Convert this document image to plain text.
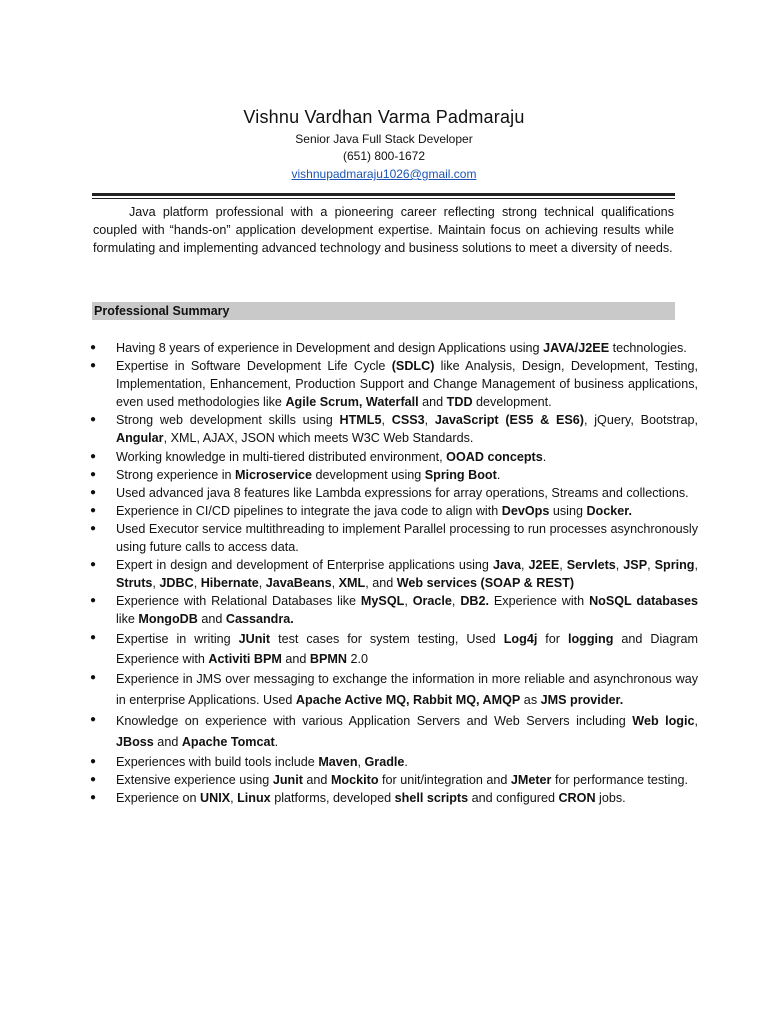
Vishnu Vardhan Varma Padmaraju
Senior Java Full Stack Developer
(651) 800-1672
vishnupadmaraju1026@gmail.com

Java platform professional with a pioneering career reflecting strong technical qualifications coupled with “hands-on” application development expertise. Maintain focus on achieving results while formulating and implementing advanced technology and business solutions to meet a diversity of needs.

Professional Summary
● Having 8 years of experience in Development and design Applications using JAVA/J2EE technologies.
● Expertise in Software Development Life Cycle (SDLC) like Analysis, Design, Development, Testing, Implementation, Enhancement, Production Support and Change Management of business applications, even used methodologies like Agile Scrum, Waterfall and TDD development.
● Strong web development skills using HTML5, CSS3, JavaScript (ES5 & ES6), jQuery, Bootstrap, Angular, XML, AJAX, JSON which meets W3C Web Standards.
● Working knowledge in multi-tiered distributed environment, OOAD concepts.
● Strong experience in Microservice development using Spring Boot.
● Used advanced java 8 features like Lambda expressions for array operations, Streams and collections.
● Experience in CI/CD pipelines to integrate the java code to align with DevOps using Docker.
● Used Executor service multithreading to implement Parallel processing to run processes asynchronously using future calls to access data.
● Expert in design and development of Enterprise applications using Java, J2EE, Servlets, JSP, Spring, Struts, JDBC, Hibernate, JavaBeans, XML, and Web services (SOAP & REST)
● Experience with Relational Databases like MySQL, Oracle, DB2. Experience with NoSQL databases like MongoDB and Cassandra.
● Expertise in writing JUnit test cases for system testing, Used Log4j for logging and Diagram Experience with Activiti BPM and BPMN 2.0
● Experience in JMS over messaging to exchange the information in more reliable and asynchronous way in enterprise Applications. Used Apache Active MQ, Rabbit MQ, AMQP as JMS provider.
● Knowledge on experience with various Application Servers and Web Servers including Web logic, JBoss and Apache Tomcat.
● Experiences with build tools include Maven, Gradle.
● Extensive experience using Junit and Mockito for unit/integration and JMeter for performance testing.
● Experience on UNIX, Linux platforms, developed shell scripts and configured CRON jobs.
